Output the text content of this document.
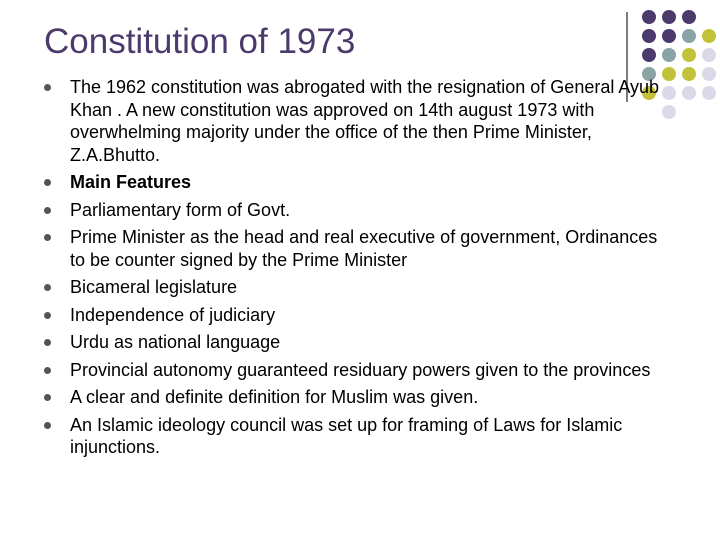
Constitution of 1973
The 1962 constitution was abrogated with the resignation of General Ayub Khan . A new constitution was approved on 14th august 1973 with overwhelming majority under the office of the then Prime Minister, Z.A.Bhutto.
Main Features
Parliamentary form of Govt.
Prime Minister as the head and real executive of government, Ordinances to be counter signed by the Prime Minister
Bicameral legislature
Independence of judiciary
Urdu as national language
Provincial autonomy guaranteed residuary powers given to the provinces
A clear and definite definition for Muslim was given.
An Islamic ideology council was set up for framing of Laws for Islamic injunctions.
